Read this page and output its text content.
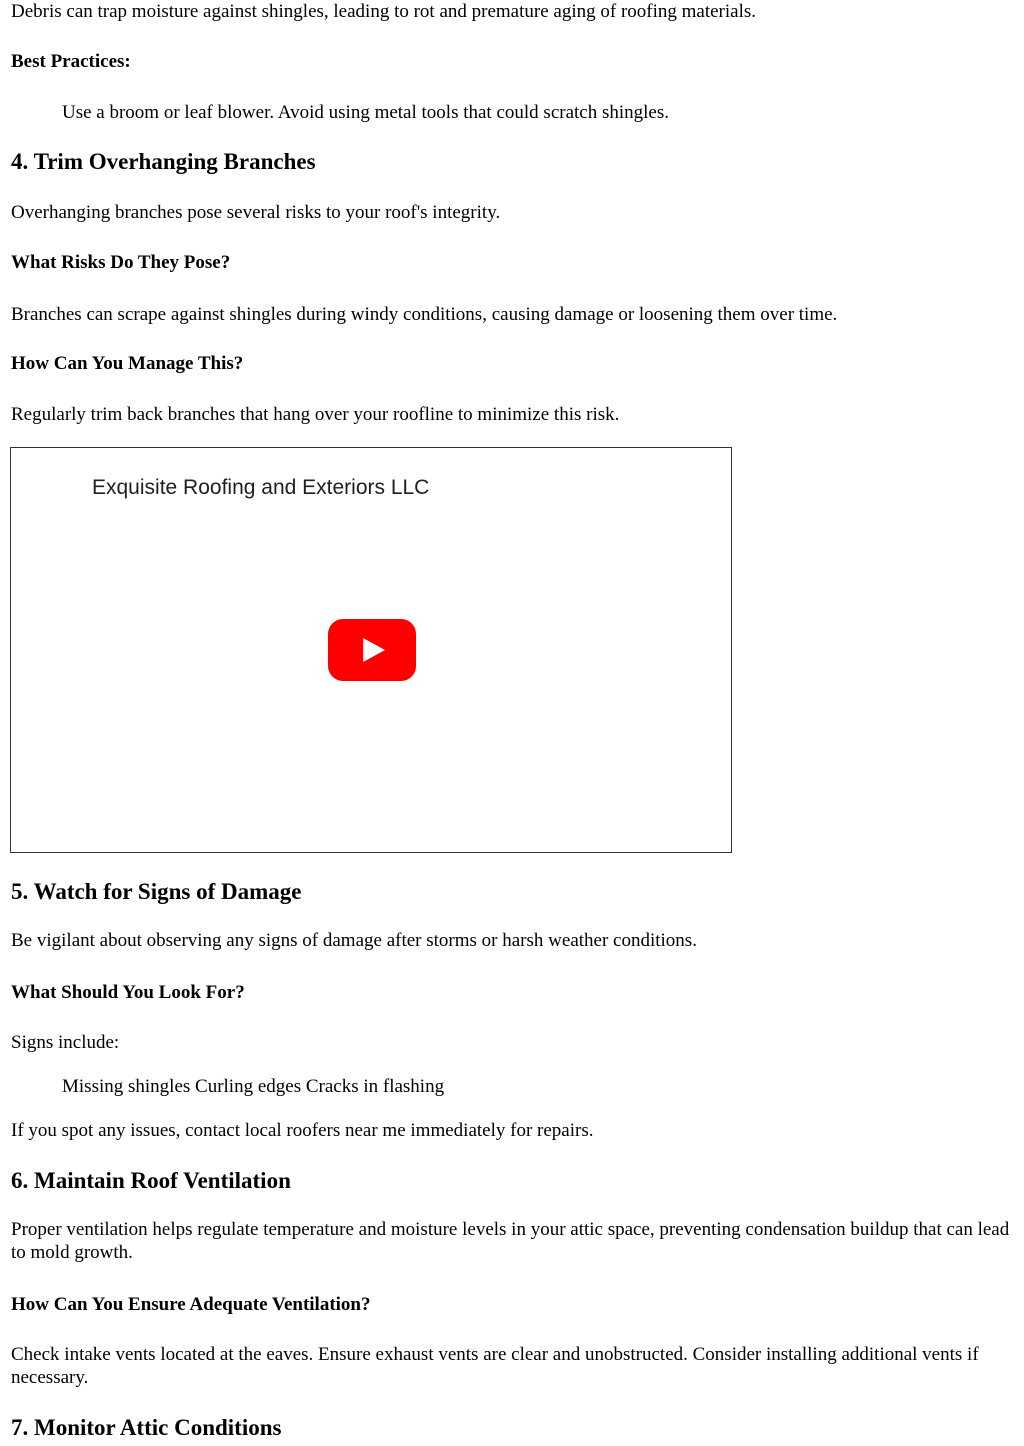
Debris can trap moisture against shingles, leading to rot and premature aging of roofing materials.

Best Practices:

Use a broom or leaf blower. Avoid using metal tools that could scratch shingles.

4. Trim Overhanging Branches

Overhanging branches pose several risks to your roof's integrity.

What Risks Do They Pose?

Branches can scrape against shingles during windy conditions, causing damage or loosening them over time.

How Can You Manage This?

Regularly trim back branches that hang over your roofline to minimize this risk.

Exquisite Roofing and Exteriors LLC
5. Watch for Signs of Damage

Be vigilant about observing any signs of damage after storms or harsh weather conditions.

What Should You Look For?

Signs include:

Missing shingles Curling edges Cracks in flashing

If you spot any issues, contact local roofers near me immediately for repairs.

6. Maintain Roof Ventilation

Proper ventilation helps regulate temperature and moisture levels in your attic space, preventing condensation buildup that can lead to mold growth.

How Can You Ensure Adequate Ventilation?

Check intake vents located at the eaves. Ensure exhaust vents are clear and unobstructed. Consider installing additional vents if necessary.

7. Monitor Attic Conditions
